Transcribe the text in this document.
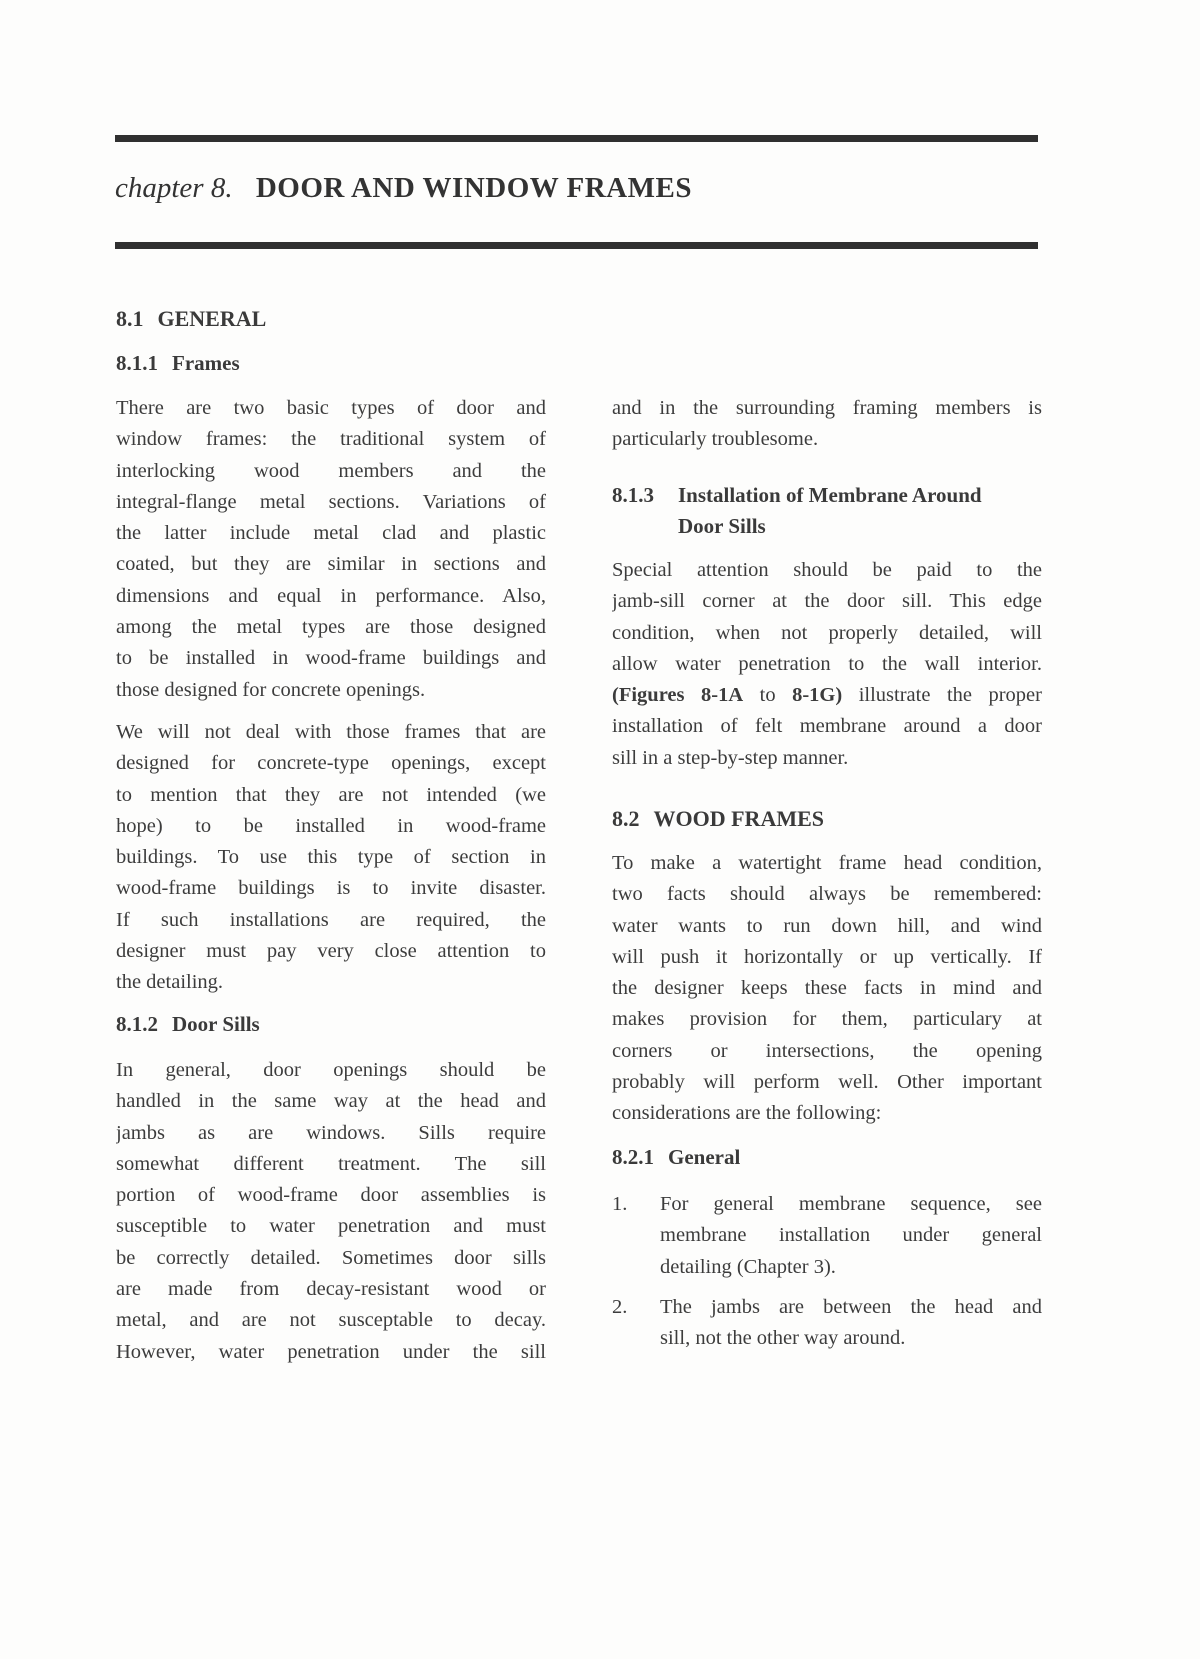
chapter 8. DOOR AND WINDOW FRAMES
8.1 GENERAL
8.1.1 Frames
There are two basic types of door and
window frames: the traditional system of
interlocking wood members and the
integral-flange metal sections. Variations of
the latter include metal clad and plastic
coated, but they are similar in sections and
dimensions and equal in performance. Also,
among the metal types are those designed
to be installed in wood-frame buildings and
those designed for concrete openings.
We will not deal with those frames that are
designed for concrete-type openings, except
to mention that they are not intended (we
hope) to be installed in wood-frame
buildings. To use this type of section in
wood-frame buildings is to invite disaster.
If such installations are required, the
designer must pay very close attention to
the detailing.
8.1.2 Door Sills
In general, door openings should be
handled in the same way at the head and
jambs as are windows. Sills require
somewhat different treatment. The sill
portion of wood-frame door assemblies is
susceptible to water penetration and must
be correctly detailed. Sometimes door sills
are made from decay-resistant wood or
metal, and are not susceptable to decay.
However, water penetration under the sill
and in the surrounding framing members is
particularly troublesome.
8.1.3 Installation of Membrane Around
Door Sills
Special attention should be paid to the
jamb-sill corner at the door sill. This edge
condition, when not properly detailed, will
allow water penetration to the wall interior.
(Figures 8-1A to 8-1G) illustrate the proper
installation of felt membrane around a door
sill in a step-by-step manner.
8.2 WOOD FRAMES
To make a watertight frame head condition,
two facts should always be remembered:
water wants to run down hill, and wind
will push it horizontally or up vertically. If
the designer keeps these facts in mind and
makes provision for them, particulary at
corners or intersections, the opening
probably will perform well. Other important
considerations are the following:
8.2.1 General
1. For general membrane sequence, see
membrane installation under general
detailing (Chapter 3).
2. The jambs are between the head and
sill, not the other way around.
